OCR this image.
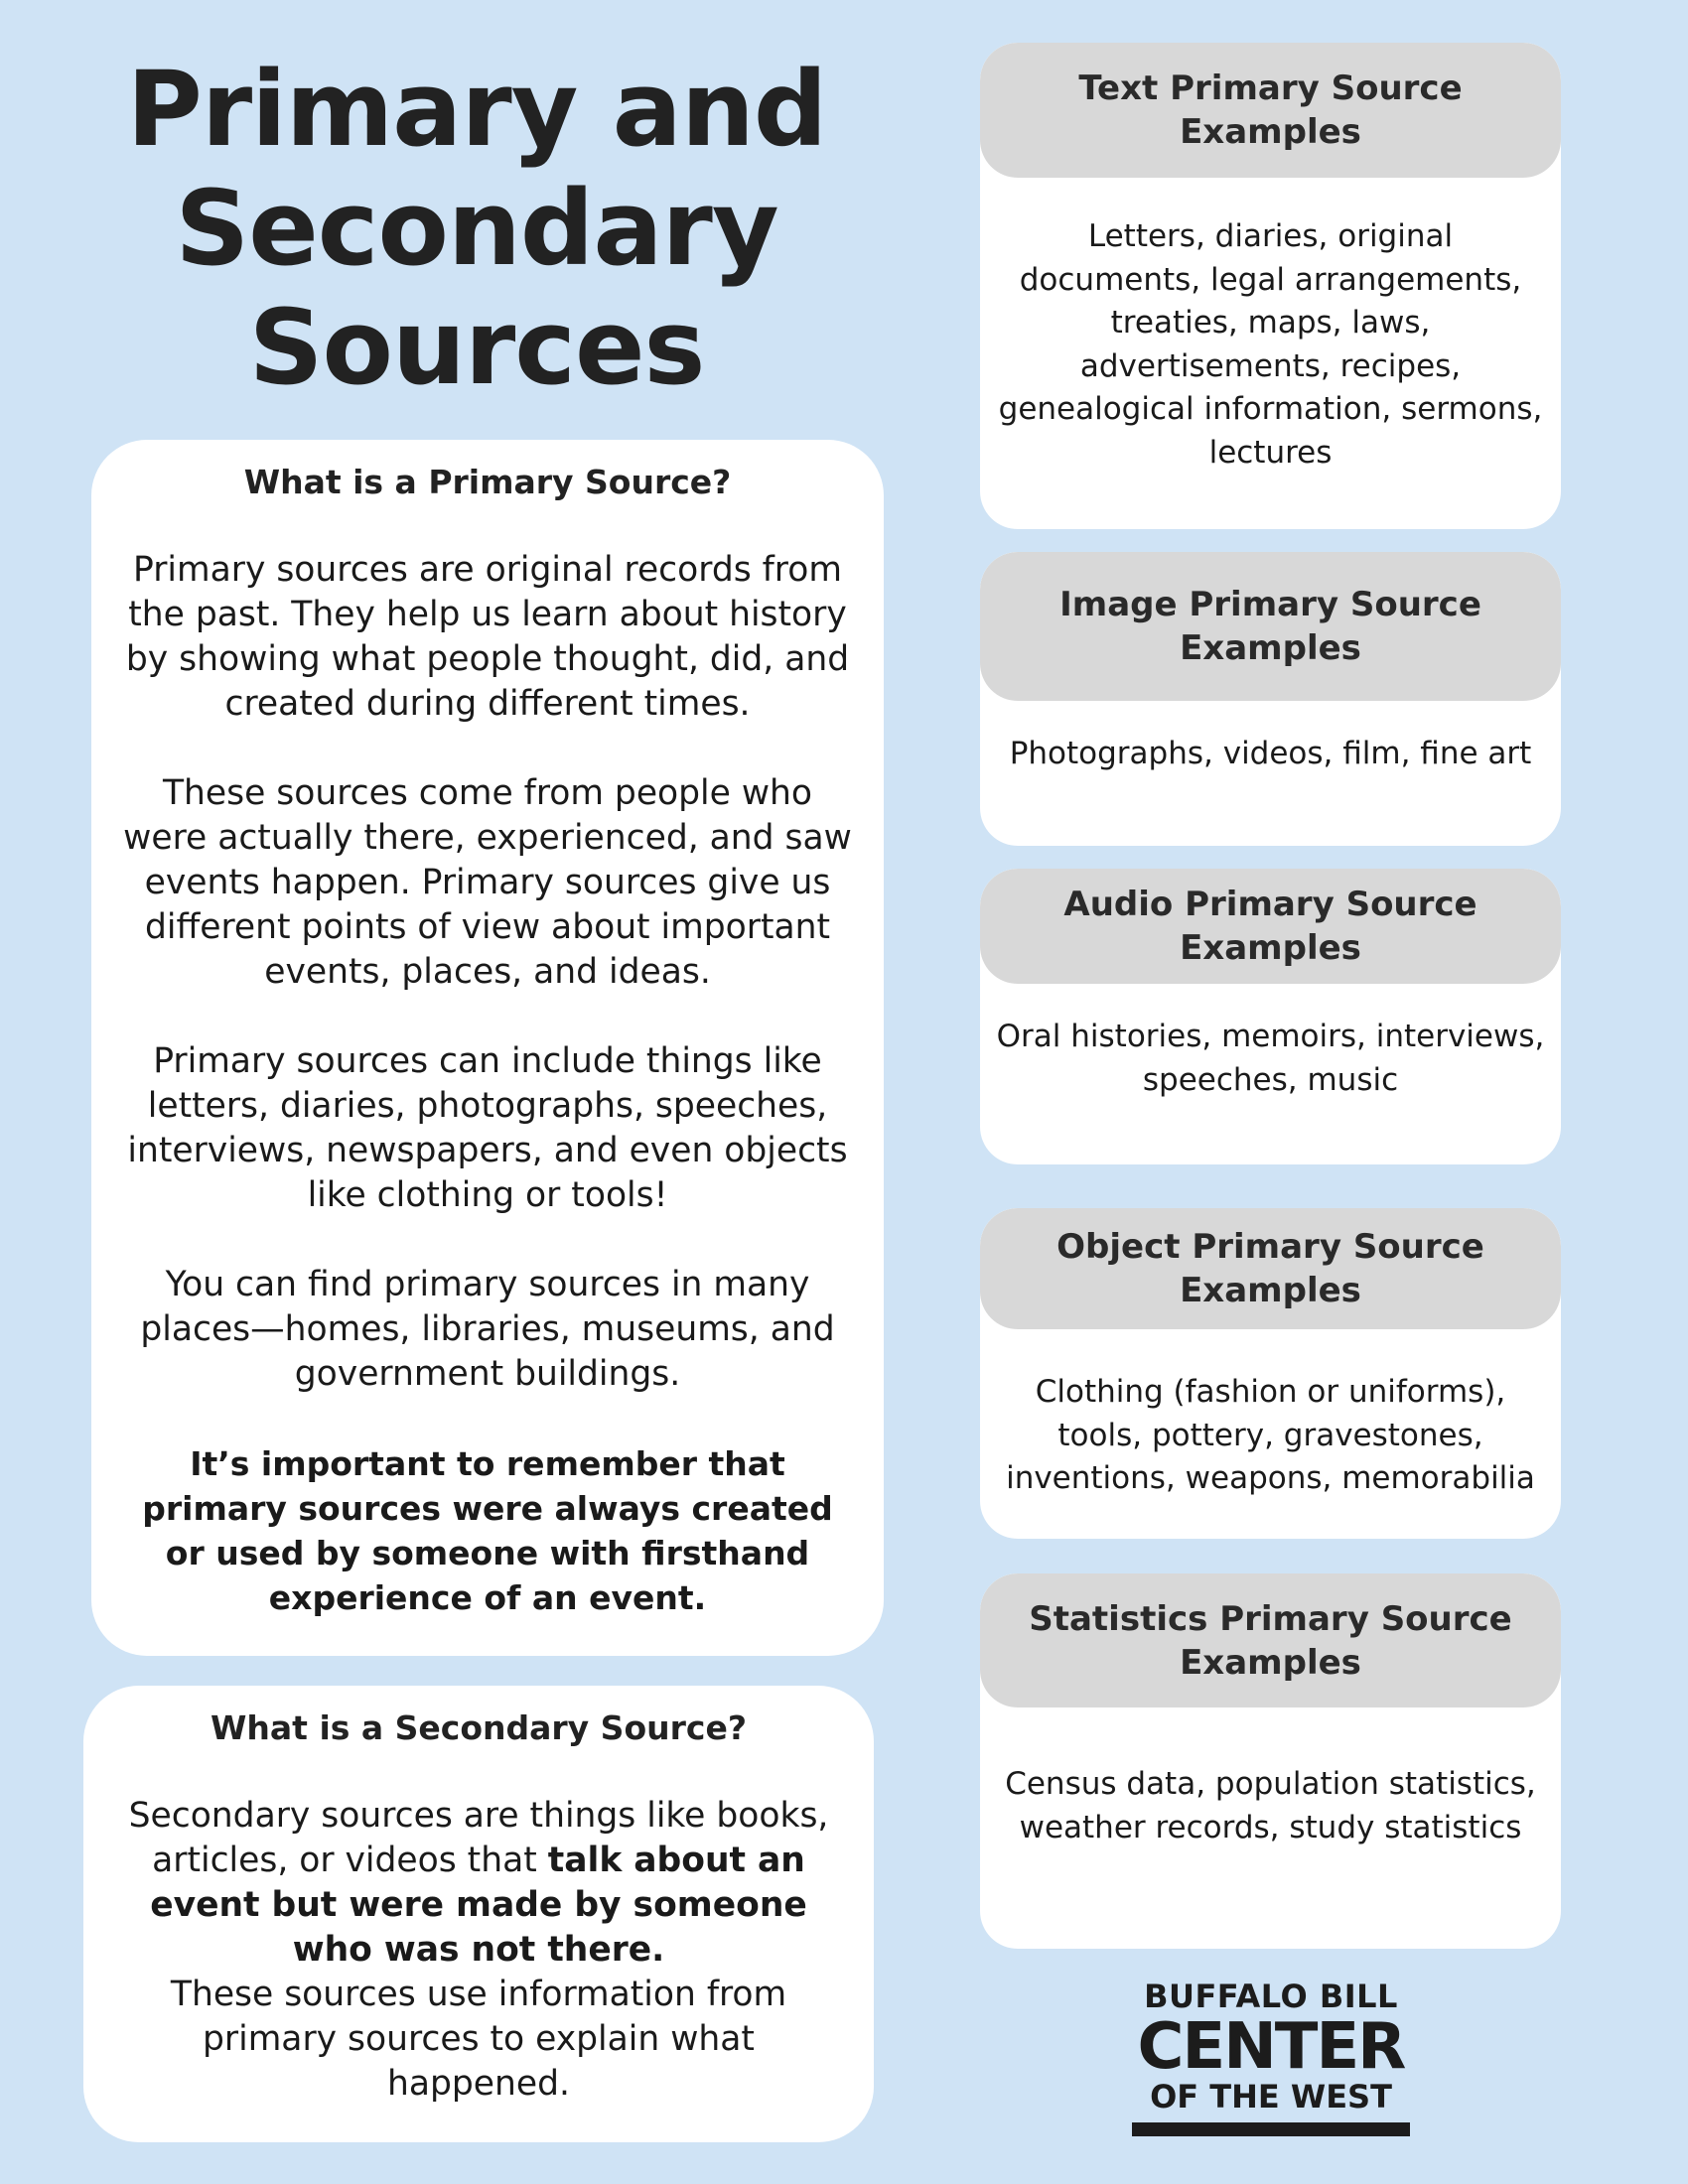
Primary and
Secondary
Sources
What is a Primary Source?

Primary sources are original records from the past. They help us learn about history by showing what people thought, did, and created during different times.

These sources come from people who were actually there, experienced, and saw events happen. Primary sources give us different points of view about important events, places, and ideas.

Primary sources can include things like letters, diaries, photographs, speeches, interviews, newspapers, and even objects like clothing or tools!

You can find primary sources in many places—homes, libraries, museums, and government buildings.

It’s important to remember that primary sources were always created or used by someone with firsthand experience of an event.

What is a Secondary Source?

Secondary sources are things like books, articles, or videos that talk about an event but were made by someone who was not there.

These sources use information from primary sources to explain what happened.

Text Primary Source Examples
Letters, diaries, original documents, legal arrangements, treaties, maps, laws, advertisements, recipes, genealogical information, sermons, lectures
Image Primary Source Examples
Photographs, videos, film, fine art
Audio Primary Source Examples
Oral histories, memoirs, interviews, speeches, music
Object Primary Source Examples
Clothing (fashion or uniforms), tools, pottery, gravestones, inventions, weapons, memorabilia
Statistics Primary Source Examples
Census data, population statistics, weather records, study statistics
BUFFALO BILL
CENTER
OF THE WEST
